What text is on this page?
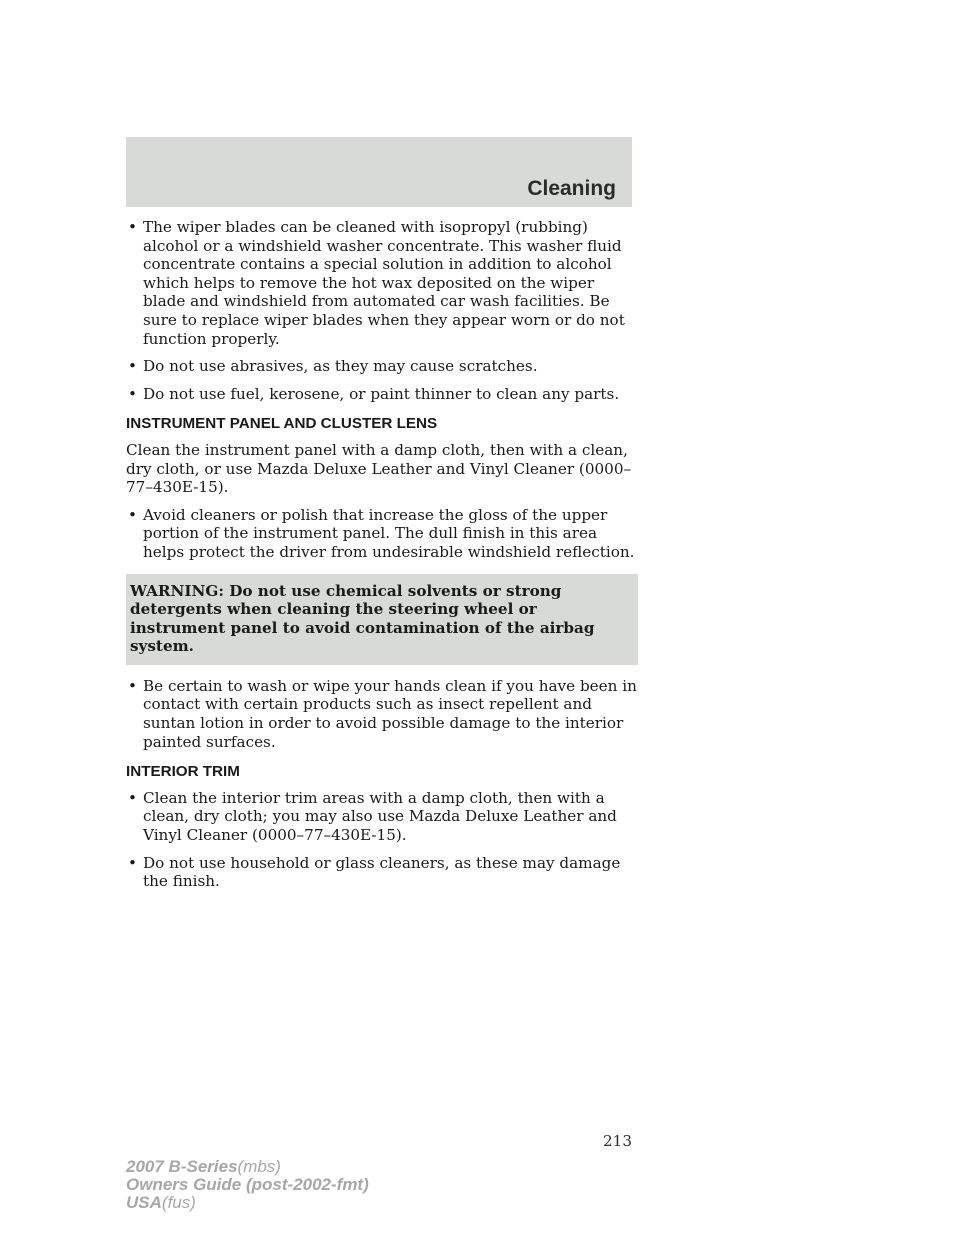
Cleaning
• The wiper blades can be cleaned with isopropyl (rubbing) alcohol or a windshield washer concentrate. This washer fluid concentrate contains a special solution in addition to alcohol which helps to remove the hot wax deposited on the wiper blade and windshield from automated car wash facilities. Be sure to replace wiper blades when they appear worn or do not function properly.
• Do not use abrasives, as they may cause scratches.
• Do not use fuel, kerosene, or paint thinner to clean any parts.
INSTRUMENT PANEL AND CLUSTER LENS
Clean the instrument panel with a damp cloth, then with a clean, dry cloth, or use Mazda Deluxe Leather and Vinyl Cleaner (0000–77–430E-15).
• Avoid cleaners or polish that increase the gloss of the upper portion of the instrument panel. The dull finish in this area helps protect the driver from undesirable windshield reflection.
WARNING: Do not use chemical solvents or strong detergents when cleaning the steering wheel or instrument panel to avoid contamination of the airbag system.
• Be certain to wash or wipe your hands clean if you have been in contact with certain products such as insect repellent and suntan lotion in order to avoid possible damage to the interior painted surfaces.
INTERIOR TRIM
• Clean the interior trim areas with a damp cloth, then with a clean, dry cloth; you may also use Mazda Deluxe Leather and Vinyl Cleaner (0000–77–430E-15).
• Do not use household or glass cleaners, as these may damage the finish.
213
2007 B-Series(mbs)
Owners Guide (post-2002-fmt)
USA(fus)
